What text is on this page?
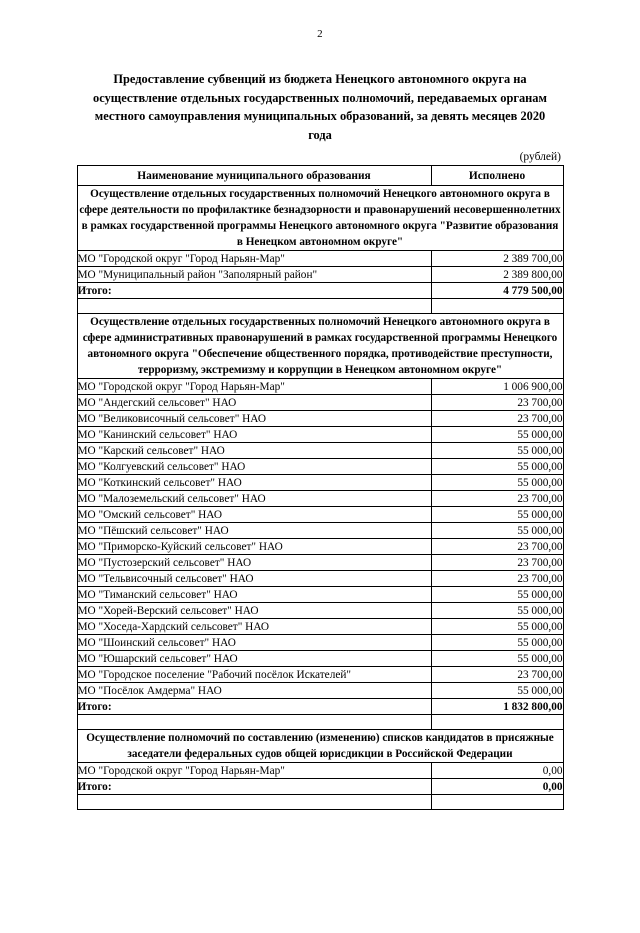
2
Предоставление субвенций из бюджета Ненецкого автономного округа на осуществление отдельных государственных полномочий, передаваемых органам местного самоуправления муниципальных образований, за девять месяцев 2020 года
(рублей)
Наименование муниципального образования	Исполнено
Осуществление отдельных государственных полномочий Ненецкого автономного округа в сфере деятельности по профилактике безнадзорности и правонарушений несовершеннолетних в рамках государственной программы Ненецкого автономного округа "Развитие образования в Ненецком автономном округе"	
МО "Городской округ "Город Нарьян-Мар"	2 389 700,00
МО "Муниципальный район "Заполярный район"	2 389 800,00
Итого:	4 779 500,00

Осуществление отдельных государственных полномочий Ненецкого автономного округа в сфере административных правонарушений в рамках государственной программы Ненецкого автономного округа "Обеспечение общественного порядка, противодействие преступности, терроризму, экстремизму и коррупции в Ненецком автономном округе"	
МО "Городской округ "Город Нарьян-Мар"	1 006 900,00
МО "Андегский сельсовет" НАО	23 700,00
МО "Великовисочный сельсовет" НАО	23 700,00
МО "Канинский сельсовет" НАО	55 000,00
МО "Карский сельсовет" НАО	55 000,00
МО "Колгуевский сельсовет" НАО	55 000,00
МО "Коткинский сельсовет" НАО	55 000,00
МО "Малоземельский сельсовет" НАО	23 700,00
МО "Омский сельсовет" НАО	55 000,00
МО "Пёшский сельсовет" НАО	55 000,00
МО "Приморско-Куйский сельсовет" НАО	23 700,00
МО "Пустозерский сельсовет" НАО	23 700,00
МО "Тельвисочный сельсовет" НАО	23 700,00
МО "Тиманский сельсовет" НАО	55 000,00
МО "Хорей-Верский сельсовет" НАО	55 000,00
МО "Хоседа-Хардский сельсовет" НАО	55 000,00
МО "Шоинский сельсовет" НАО	55 000,00
МО "Юшарский сельсовет" НАО	55 000,00
МО "Городское поселение "Рабочий посёлок Искателей"	23 700,00
МО "Посёлок Амдерма" НАО	55 000,00
Итого:	1 832 800,00

Осуществление полномочий по составлению (изменению) списков кандидатов в присяжные заседатели федеральных судов общей юрисдикции в Российской Федерации	
МО "Городской округ "Город Нарьян-Мар"	0,00
Итого:	0,00
